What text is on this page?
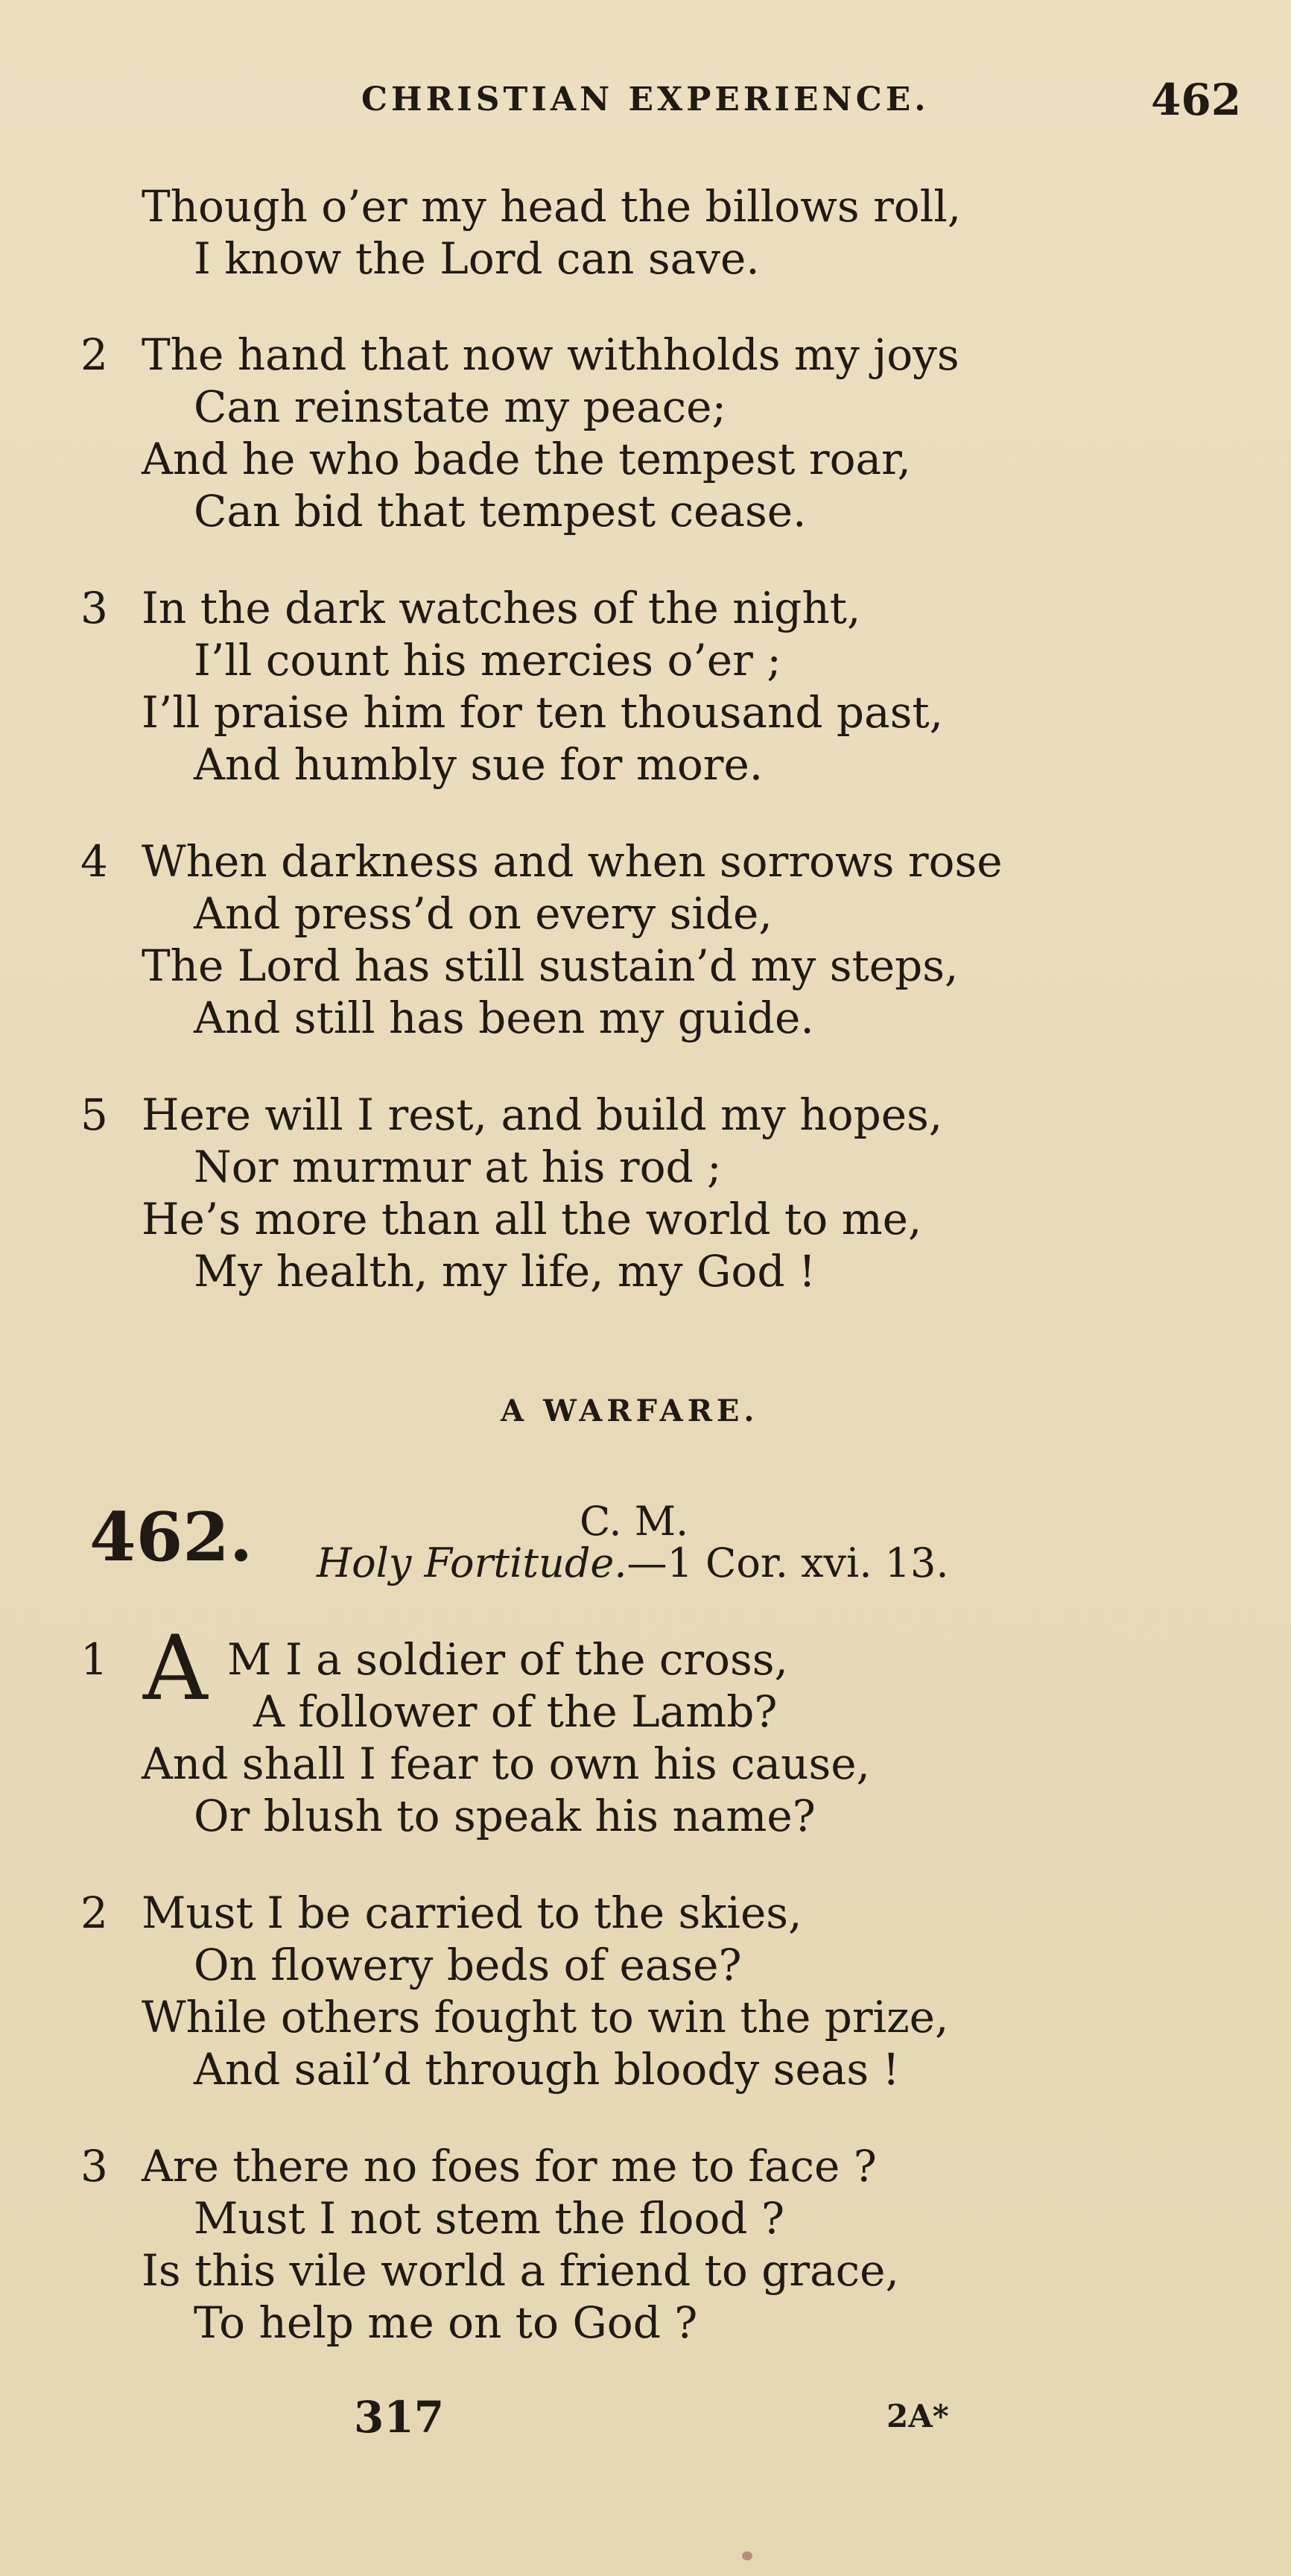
CHRISTIAN EXPERIENCE.	462
Though o’er my head the billows roll,
I know the Lord can save.
2 The hand that now withholds my joys
Can reinstate my peace;
And he who bade the tempest roar,
Can bid that tempest cease.
3 In the dark watches of the night,
I’ll count his mercies o’er ;
I’ll praise him for ten thousand past,
And humbly sue for more.
4 When darkness and when sorrows rose
And press’d on every side,
The Lord has still sustain’d my steps,
And still has been my guide.
5 Here will I rest, and build my hopes,
Nor murmur at his rod ;
He’s more than all the world to me,
My health, my life, my God !
A WARFARE.
462.	C. M.
Holy Fortitude.—1 Cor. xvi. 13.
1 A M I a soldier of the cross,
A follower of the Lamb?
And shall I fear to own his cause,
Or blush to speak his name?
2 Must I be carried to the skies,
On flowery beds of ease?
While others fought to win the prize,
And sail’d through bloody seas !
3 Are there no foes for me to face ?
Must I not stem the flood ?
Is this vile world a friend to grace,
To help me on to God ?
317	2A*
